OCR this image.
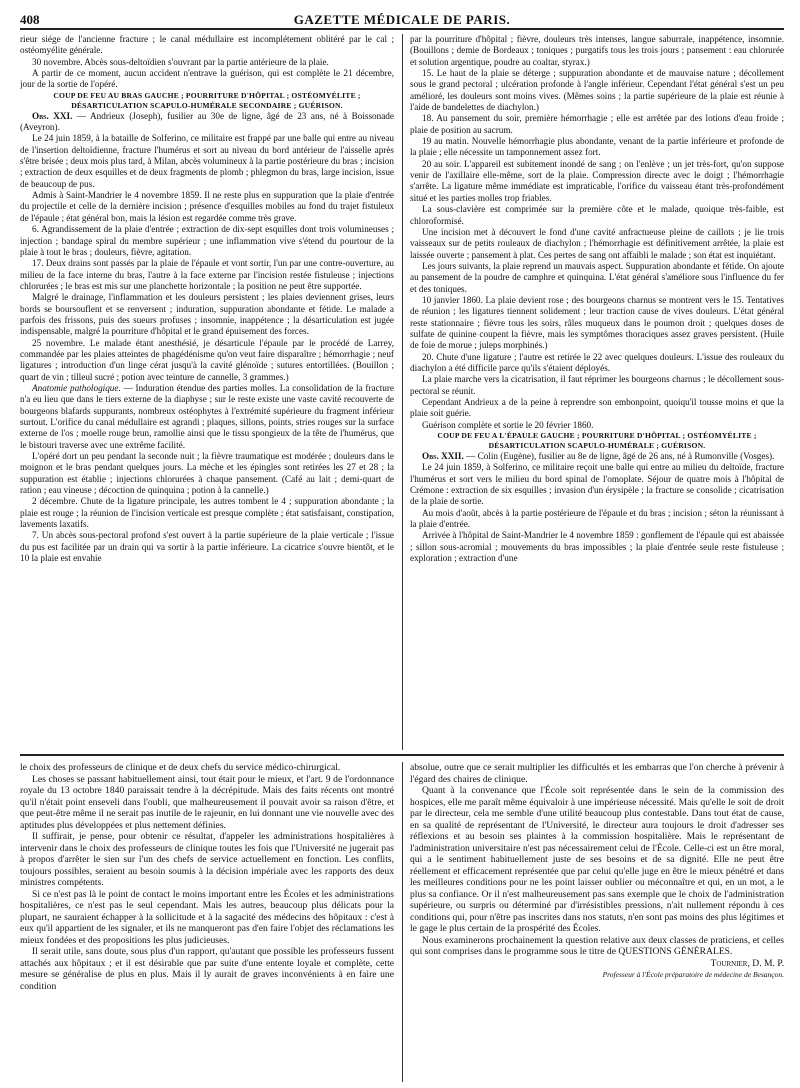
408	GAZETTE MÉDICALE DE PARIS.

rieur siége de l'ancienne fracture ; le canal médullaire est incomplétement oblitéré par le cal ; ostéomyélite générale.

30 novembre. Abcès sous-deltoïdien s'ouvrant par la partie antérieure de la plaie.

A partir de ce moment, aucun accident n'entrave la guérison, qui est complète le 21 décembre, jour de la sortie de l'opéré.

COUP DE FEU AU BRAS GAUCHE ; POURRITURE D'HÔPITAL ; OSTÉOMYÉLITE ; DÉSARTICULATION SCAPULO-HUMÉRALE SECONDAIRE ; GUÉRISON.

Obs. XXI. — Andrieux (Joseph), fusilier au 30e de ligne, âgé de 23 ans, né à Boissonade (Aveyron).

Le 24 juin 1859, à la bataille de Solferino, ce militaire est frappé par une balle qui entre au niveau de l'insertion deltoïdienne, fracture l'humérus et sort au niveau du bord antérieur de l'aisselle après s'être brisée ; deux mois plus tard, à Milan, abcès volumineux à la partie postérieure du bras ; incision ; extraction de deux esquilles et de deux fragments de plomb ; phlegmon du bras, large incision, issue de beaucoup de pus.

Admis à Saint-Mandrier le 4 novembre 1859. Il ne reste plus en suppuration que la plaie d'entrée du projectile et celle de la dernière incision ; présence d'esquilles mobiles au fond du trajet fistuleux de l'épaule ; état général bon, mais la lésion est regardée comme très grave.

6. Agrandissement de la plaie d'entrée ; extraction de dix-sept esquilles dont trois volumineuses ; injection ; bandage spiral du membre supérieur ; une inflammation vive s'étend du pourtour de la plaie à tout le bras ; douleurs, fièvre, agitation.

17. Deux drains sont passés par la plaie de l'épaule et vont sortir, l'un par une contre-ouverture, au milieu de la face interne du bras, l'autre à la face externe par l'incision restée fistuleuse ; injections chlorurées ; le bras est mis sur une planchette horizontale ; la position ne peut être supportée.

Malgré le drainage, l'inflammation et les douleurs persistent ; les plaies deviennent grises, leurs bords se boursouflent et se renversent ; induration, suppuration abondante et fétide. Le malade a parfois des frissons, puis des sueurs profuses ; insomnie, inappétence ; la désarticulation est jugée indispensable, malgré la pourriture d'hôpital et le grand épuisement des forces.

25 novembre. Le malade étant anesthésié, je désarticule l'épaule par le procédé de Larrey, commandée par les plaies atteintes de phagédénisme qu'on veut faire disparaître ; hémorrhagie ; neuf ligatures ; introduction d'un linge cérat jusqu'à la cavité glénoïde ; sutures entortillées. (Bouillon ; quart de vin ; tilleul sucré ; potion avec teinture de cannelle, 3 grammes.)

Anatomie pathologique. — Induration étendue des parties molles. La consolidation de la fracture n'a eu lieu que dans le tiers externe de la diaphyse ; sur le reste existe une vaste cavité recouverte de bourgeons blafards suppurants, nombreux ostéophytes à l'extrémité supérieure du fragment inférieur surtout. L'orifice du canal médullaire est agrandi ; plaques, sillons, points, stries rouges sur la surface externe de l'os ; moelle rouge brun, ramollie ainsi que le tissu spongieux de la tête de l'humérus, que le bistouri traverse avec une extrême facilité.

L'opéré dort un peu pendant la seconde nuit ; la fièvre traumatique est modérée ; douleurs dans le moignon et le bras pendant quelques jours. La mèche et les épingles sont retirées les 27 et 28 ; la suppuration est établie ; injections chlorurées à chaque pansement. (Café au lait ; demi-quart de ration ; eau vineuse ; décoction de quinquina ; potion à la cannelle.)

2 décembre. Chute de la ligature principale, les autres tombent le 4 ; suppuration abondante ; la plaie est rouge ; la réunion de l'incision verticale est presque complète ; état satisfaisant, constipation, lavements laxatifs.

7. Un abcès sous-pectoral profond s'est ouvert à la partie supérieure de la plaie verticale ; l'issue du pus est facilitée par un drain qui va sortir à la partie inférieure. La cicatrice s'ouvre bientôt, et le 10 la plaie est envahie

par la pourriture d'hôpital ; fièvre, douleurs très intenses, langue saburrale, inappétence, insomnie. (Bouillons ; demie de Bordeaux ; toniques ; purgatifs tous les trois jours ; pansement : eau chlorurée et solution argentique, poudre au coaltar, styrax.)

15. Le haut de la plaie se déterge ; suppuration abondante et de mauvaise nature ; décollement sous le grand pectoral ; ulcération profonde à l'angle inférieur. Cependant l'état général s'est un peu amélioré, les douleurs sont moins vives. (Mêmes soins ; la partie supérieure de la plaie est réunie à l'aide de bandelettes de diachylon.)

18. Au pansement du soir, première hémorrhagie ; elle est arrêtée par des lotions d'eau froide ; plaie de position au sacrum.

19 au matin. Nouvelle hémorrhagie plus abondante, venant de la partie inférieure et profonde de la plaie ; elle nécessite un tamponnement assez fort.

20 au soir. L'appareil est subitement inondé de sang ; on l'enlève ; un jet très-fort, qu'on suppose venir de l'axillaire elle-même, sort de la plaie. Compression directe avec le doigt ; l'hémorrhagie s'arrête. La ligature même immédiate est impraticable, l'orifice du vaisseau étant très-profondément situé et les parties molles trop friables.

La sous-clavière est comprimée sur la première côte et le malade, quoique très-faible, est chloroformisé.

Une incision met à découvert le fond d'une cavité anfractueuse pleine de caillots ; je lie trois vaisseaux sur de petits rouleaux de diachylon ; l'hémorrhagie est définitivement arrêtée, la plaie est laissée ouverte ; pansement à plat. Ces pertes de sang ont affaibli le malade ; son état est inquiétant.

Les jours suivants, la plaie reprend un mauvais aspect. Suppuration abondante et fétide. On ajoute au pansement de la poudre de camphre et quinquina. L'état général s'améliore sous l'influence du fer et des toniques.

10 janvier 1860. La plaie devient rose ; des bourgeons charnus se montrent vers le 15. Tentatives de réunion ; les ligatures tiennent solidement ; leur traction cause de vives douleurs. L'état général reste stationnaire ; fièvre tous les soirs, râles muqueux dans le poumon droit ; quelques doses de sulfate de quinine coupent la fièvre, mais les symptômes thoraciques assez graves persistent. (Huile de foie de morue ; juleps morphinés.)

20. Chute d'une ligature ; l'autre est retirée le 22 avec quelques douleurs. L'issue des rouleaux du diachylon a été difficile parce qu'ils s'étaient déployés.

La plaie marche vers la cicatrisation, il faut réprimer les bourgeons charnus ; le décollement sous-pectoral se réunit.

Cependant Andrieux a de la peine à reprendre son embonpoint, quoiqu'il tousse moins et que la plaie soit guérie.

Guérison complète et sortie le 20 février 1860.

COUP DE FEU A L'ÉPAULE GAUCHE ; POURRITURE D'HÔPITAL ; OSTÉOMYÉLITE ; DÉSARTICULATION SCAPULO-HUMÉRALE ; GUÉRISON.

Obs. XXII. — Colin (Eugène), fusilier au 8e de ligne, âgé de 26 ans, né à Rumonville (Vosges).

Le 24 juin 1859, à Solferino, ce militaire reçoit une balle qui entre au milieu du deltoïde, fracture l'humérus et sort vers le milieu du bord spinal de l'omoplate. Séjour de quatre mois à l'hôpital de Crémone : extraction de six esquilles ; invasion d'un érysipèle ; la fracture se consolide ; cicatrisation de la plaie de sortie.

Au mois d'août, abcès à la partie postérieure de l'épaule et du bras ; incision ; séton la réunissant à la plaie d'entrée.

Arrivée à l'hôpital de Saint-Mandrier le 4 novembre 1859 : gonflement de l'épaule qui est abaissée ; sillon sous-acromial ; mouvements du bras impossibles ; la plaie d'entrée seule reste fistuleuse ; exploration ; extraction d'une

le choix des professeurs de clinique et de deux chefs du service médico-chirurgical.

Les choses se passant habituellement ainsi, tout était pour le mieux, et l'art. 9 de l'ordonnance royale du 13 octobre 1840 paraissait tendre à la décrépitude. Mais des faits récents ont montré qu'il n'était point enseveli dans l'oubli, que malheureusement il pouvait avoir sa raison d'être, et que peut-être même il ne serait pas inutile de le rajeunir, en lui donnant une vie nouvelle avec des aptitudes plus développées et plus nettement définies.

Il suffirait, je pense, pour obtenir ce résultat, d'appeler les administrations hospitalières à intervenir dans le choix des professeurs de clinique toutes les fois que l'Université ne jugerait pas à propos d'arrêter le sien sur l'un des chefs de service actuellement en fonction. Les conflits, toujours possibles, seraient au besoin soumis à la décision impériale avec les rapports des deux ministres compétents.

Si ce n'est pas là le point de contact le moins important entre les Écoles et les administrations hospitalières, ce n'est pas le seul cependant. Mais les autres, beaucoup plus délicats pour la plupart, ne sauraient échapper à la sollicitude et à la sagacité des médecins des hôpitaux : c'est à eux qu'il appartient de les signaler, et ils ne manqueront pas d'en faire l'objet des réclamations les mieux fondées et des propositions les plus judicieuses.

Il serait utile, sans doute, sous plus d'un rapport, qu'autant que possible les professeurs fussent attachés aux hôpitaux ; et il est désirable que par suite d'une entente loyale et complète, cette mesure se généralise de plus en plus. Mais il ly aurait de graves inconvénients à en faire une condition

absolue, outre que ce serait multiplier les difficultés et les embarras que l'on cherche à prévenir à l'égard des chaires de clinique.

Quant à la convenance que l'École soit représentée dans le sein de la commission des hospices, elle me paraît même équivaloir à une impérieuse nécessité. Mais qu'elle le soit de droit par le directeur, cela me semble d'une utilité beaucoup plus contestable. Dans tout état de cause, en sa qualité de représentant de l'Université, le directeur aura toujours le droit d'adresser ses réflexions et au besoin ses plaintes à la commission hospitalière. Mais le représentant de l'administration universitaire n'est pas nécessairement celui de l'École. Celle-ci est un être moral, qui a le sentiment habituellement juste de ses besoins et de sa dignité. Elle ne peut être réellement et efficacement représentée que par celui qu'elle juge en être le mieux pénétré et dans les meilleures conditions pour ne les point laisser oublier ou méconnaître et qui, en un mot, a le plus sa confiance. Or il n'est malheureusement pas sans exemple que le choix de l'administration supérieure, ou surpris ou déterminé par d'irrésistibles pressions, n'ait nullement répondu à ces conditions qui, pour n'être pas inscrites dans nos statuts, n'en sont pas moins des plus légitimes et le gage le plus certain de la prospérité des Écoles.

Nous examinerons prochainement la question relative aux deux classes de praticiens, et celles qui sont comprises dans le programme sous le titre de QUESTIONS GÉNÉRALES.

Tournier, D. M. P.

Professeur à l'École préparatoire de médecine de Besançon.
